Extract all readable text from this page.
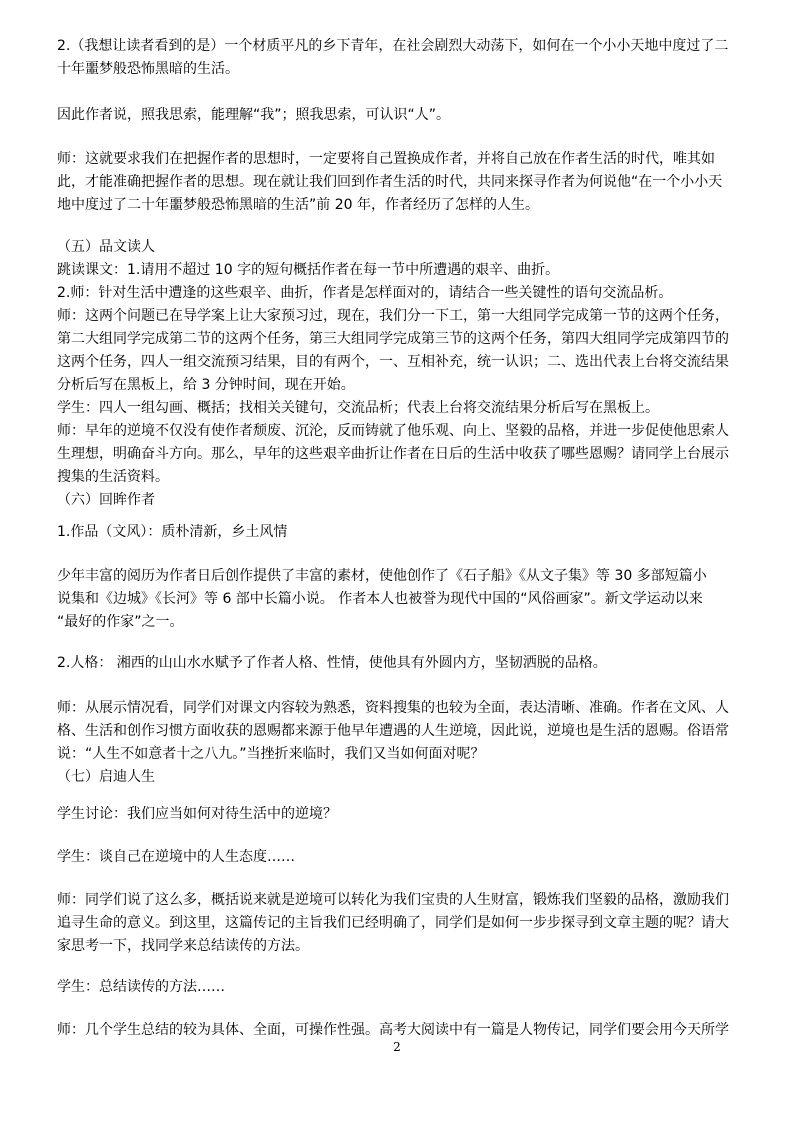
2.（我想让读者看到的是）一个材质平凡的乡下青年，在社会剧烈大动荡下，如何在一个小小天地中度过了二
十年噩梦般恐怖黑暗的生活。
因此作者说，照我思索，能理解“我”；照我思索，可认识“人”。
师：这就要求我们在把握作者的思想时，一定要将自己置换成作者，并将自己放在作者生活的时代，唯其如
此，才能准确把握作者的思想。现在就让我们回到作者生活的时代，共同来探寻作者为何说他“在一个小小天
地中度过了二十年噩梦般恐怖黑暗的生活”前 20 年，作者经历了怎样的人生。
（五）品文读人
跳读课文：1.请用不超过 10 字的短句概括作者在每一节中所遭遇的艰辛、曲折。
2.师：针对生活中遭逢的这些艰辛、曲折，作者是怎样面对的，请结合一些关键性的语句交流品析。
师：这两个问题已在导学案上让大家预习过，现在，我们分一下工，第一大组同学完成第一节的这两个任务，
第二大组同学完成第二节的这两个任务，第三大组同学完成第三节的这两个任务，第四大组同学完成第四节的
这两个任务，四人一组交流预习结果，目的有两个，一、互相补充，统一认识；二、选出代表上台将交流结果
分析后写在黑板上，给 3 分钟时间，现在开始。
学生：四人一组勾画、概括；找相关关键句，交流品析；代表上台将交流结果分析后写在黑板上。
师：早年的逆境不仅没有使作者颓废、沉沦，反而铸就了他乐观、向上、坚毅的品格，并进一步促使他思索人
生理想，明确奋斗方向。那么，早年的这些艰辛曲折让作者在日后的生活中收获了哪些恩赐？请同学上台展示
搜集的生活资料。
（六）回眸作者
1.作品（文风）：质朴清新，乡土风情
少年丰富的阅历为作者日后创作提供了丰富的素材，使他创作了《石子船》《从文子集》等 30 多部短篇小
说集和《边城》《长河》等 6 部中长篇小说。 作者本人也被誉为现代中国的“风俗画家”。新文学运动以来
“最好的作家”之一。
2.人格： 湘西的山山水水赋予了作者人格、性情，使他具有外圆内方，坚韧洒脱的品格。
师：从展示情况看，同学们对课文内容较为熟悉，资料搜集的也较为全面，表达清晰、准确。作者在文风、人
格、生活和创作习惯方面收获的恩赐都来源于他早年遭遇的人生逆境，因此说，逆境也是生活的恩赐。俗语常
说：“人生不如意者十之八九。”当挫折来临时，我们又当如何面对呢？
（七）启迪人生
学生讨论：我们应当如何对待生活中的逆境？
学生：谈自己在逆境中的人生态度……
师：同学们说了这么多，概括说来就是逆境可以转化为我们宝贵的人生财富，锻炼我们坚毅的品格，激励我们
追寻生命的意义。到这里，这篇传记的主旨我们已经明确了，同学们是如何一步步探寻到文章主题的呢？请大
家思考一下，找同学来总结读传的方法。
学生：总结读传的方法……
师：几个学生总结的较为具体、全面，可操作性强。高考大阅读中有一篇是人物传记，同学们要会用今天所学
2
